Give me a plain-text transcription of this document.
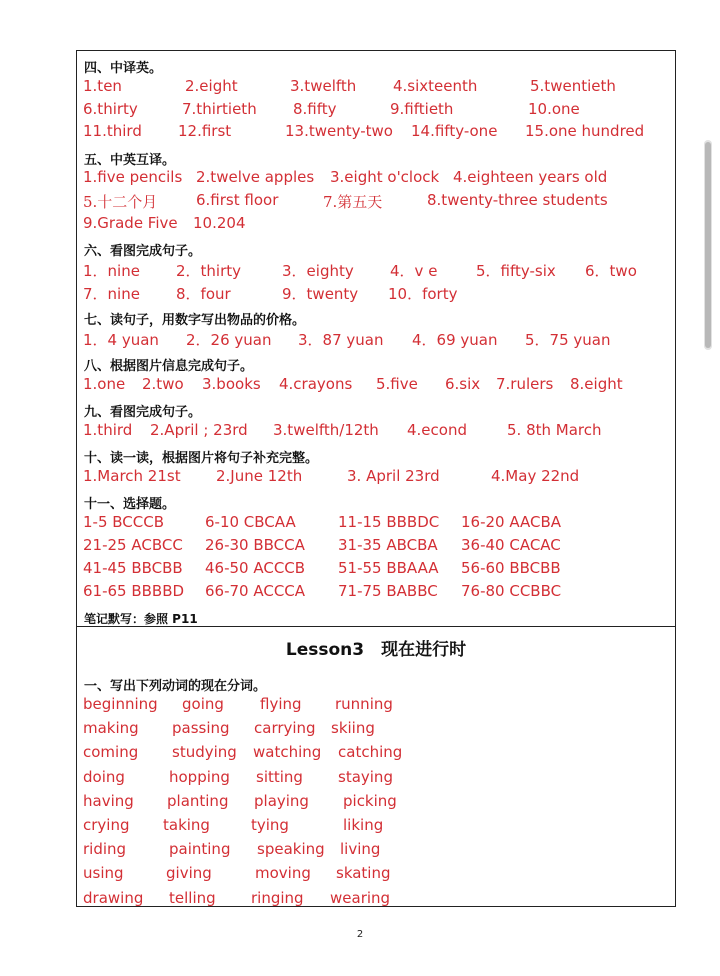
四、中译英。
1.ten	2.eight	3.twelfth 4.sixteenth	5.twentieth
6.thirty	7.thirtieth 8.fifty	9.fiftieth	10.one
11.third 12.first	13.twenty-two 14.fifty-one 15.one hundred
五、中英互译。
1.five pencils 2.twelve apples 3.eight o'clock 4.eighteen years old
5.十二个月	6.first floor	7.第五天	8.twenty-three students
9.Grade Five 10.204
六、看图完成句子。
1．nine 2．thirty	3．eighty 4．v e	5．fifty-six 6．two
7．nine 8．four	9．twenty 10．forty
七、读句子，用数字写出物品的价格。
1．4 yuan 2．26 yuan 3．87 yuan 4．69 yuan 5．75 yuan
八、根据图片信息完成句子。
1.one 2.two 3.books 4.crayons 5.five 6.six 7.rulers 8.eight
九、看图完成句子。
1.third 2.April ; 23rd 3.twelfth/12th 4.econd	5. 8th March
十、读一读，根据图片将句子补充完整。
1.March 21st 2.June 12th	3. April 23rd	4.May 22nd
十一、选择题。
1-5 BCCCB	6-10 CBCAA	11-15 BBBDC 16-20 AACBA
21-25 ACBCC 26-30 BBCCA 31-35 ABCBA 36-40 CACAC
41-45 BBCBB 46-50 ACCCB 51-55 BBAAA 56-60 BBCBB
61-65 BBBBD 66-70 ACCCA 71-75 BABBC 76-80 CCBBC
笔记默写：参照 P11
Lesson3　现在进行时
一、写出下列动词的现在分词。
beginning going flying running
making passing carrying skiing
coming studying watching catching
doing	hopping sitting staying
having planting playing picking
crying taking	tying	liking
riding	painting speaking living
using	giving	moving skating
drawing telling ringing wearing
2
